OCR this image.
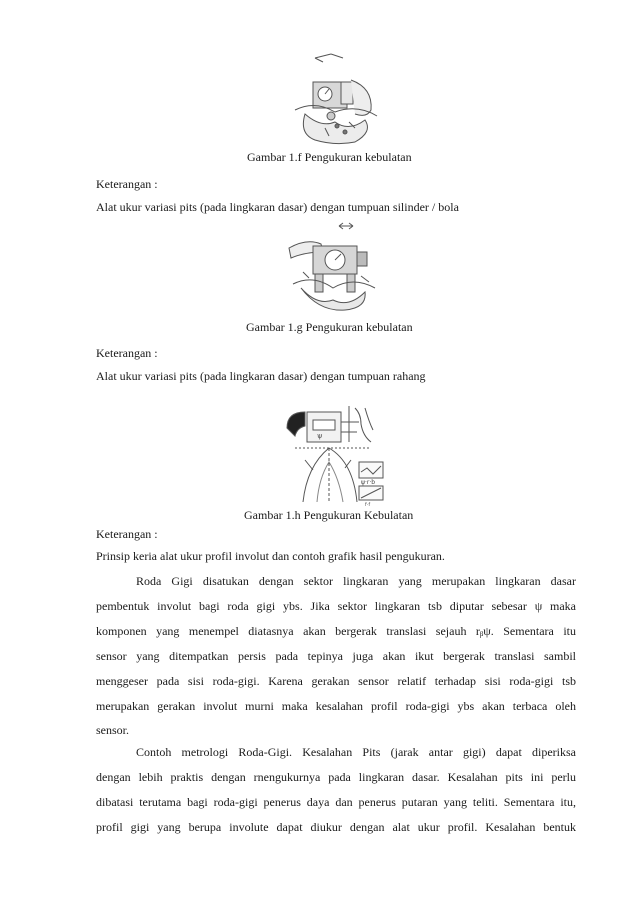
Gambar 1.f Pengukuran kebulatan
Keterangan :
Alat ukur variasi pits (pada lingkaran dasar) dengan tumpuan silinder / bola
Gambar 1.g Pengukuran kebulatan
Keterangan :
Alat ukur variasi pits (pada lingkaran dasar) dengan tumpuan rahang
ψ
ψ·r·b
f·f
Gambar 1.h Pengukuran Kebulatan
Keterangan :
Prinsip keria alat ukur profil involut dan contoh grafik hasil pengukuran.
Roda Gigi disatukan dengan sektor lingkaran yang merupakan lingkaran dasar
pembentuk involut bagi roda gigi ybs. Jika sektor lingkaran tsb diputar sebesar ψ maka
komponen yang menempel diatasnya akan bergerak translasi sejauh rᵦψ. Sementara itu
sensor yang ditempatkan persis pada tepinya juga akan ikut bergerak translasi sambil
menggeser pada sisi roda-gigi. Karena gerakan sensor relatif terhadap sisi roda-gigi tsb
merupakan gerakan involut murni maka kesalahan profil roda-gigi ybs akan terbaca oleh
sensor.
Contoh metrologi Roda-Gigi. Kesalahan Pits (jarak antar gigi) dapat diperiksa
dengan lebih praktis dengan rnengukurnya pada lingkaran dasar. Kesalahan pits ini perlu
dibatasi terutama bagi roda-gigi penerus daya dan penerus putaran yang teliti. Sementara itu,
profil gigi yang berupa involute dapat diukur dengan alat ukur profil. Kesalahan bentuk
